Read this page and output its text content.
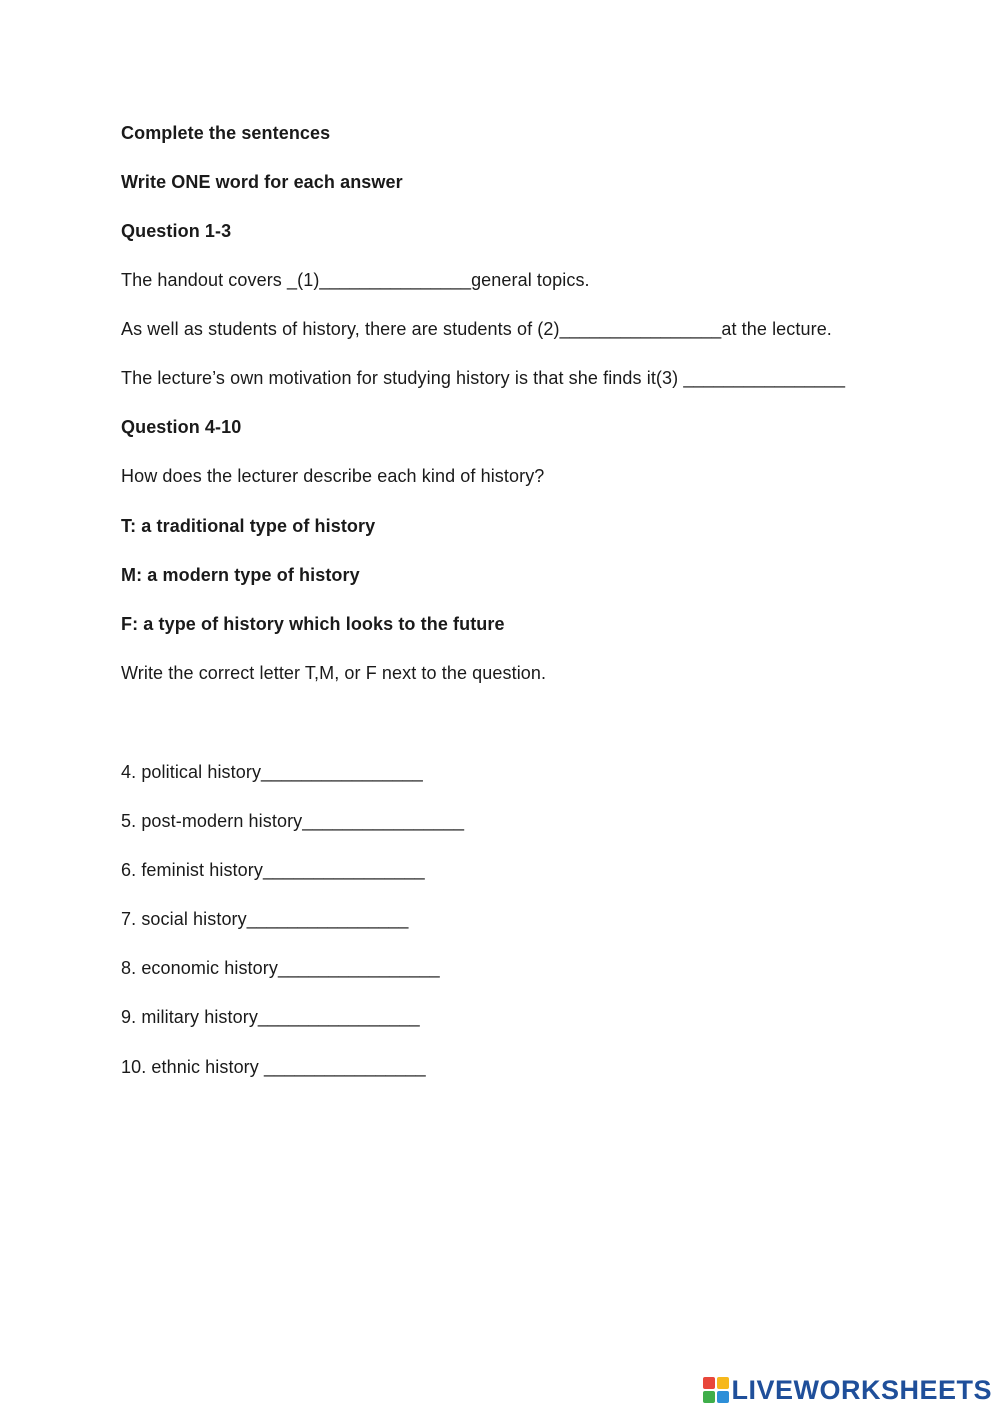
Complete the sentences
Write ONE word for each answer
Question 1-3
The handout covers _(1)_______________general topics.
As well as students of history, there are students of (2)________________at the lecture.
The lecture’s own motivation for studying history is that she finds it(3) ________________
Question 4-10
How does the lecturer describe each kind of history?
T: a traditional type of history
M: a modern type of history
F: a type of history which looks to the future
Write the correct letter T,M, or F next to the question.
4. political history________________
5. post-modern history________________
6. feminist history________________
7. social history________________
8. economic history________________
9. military history________________
10. ethnic history ________________
LIVEWORKSHEETS
